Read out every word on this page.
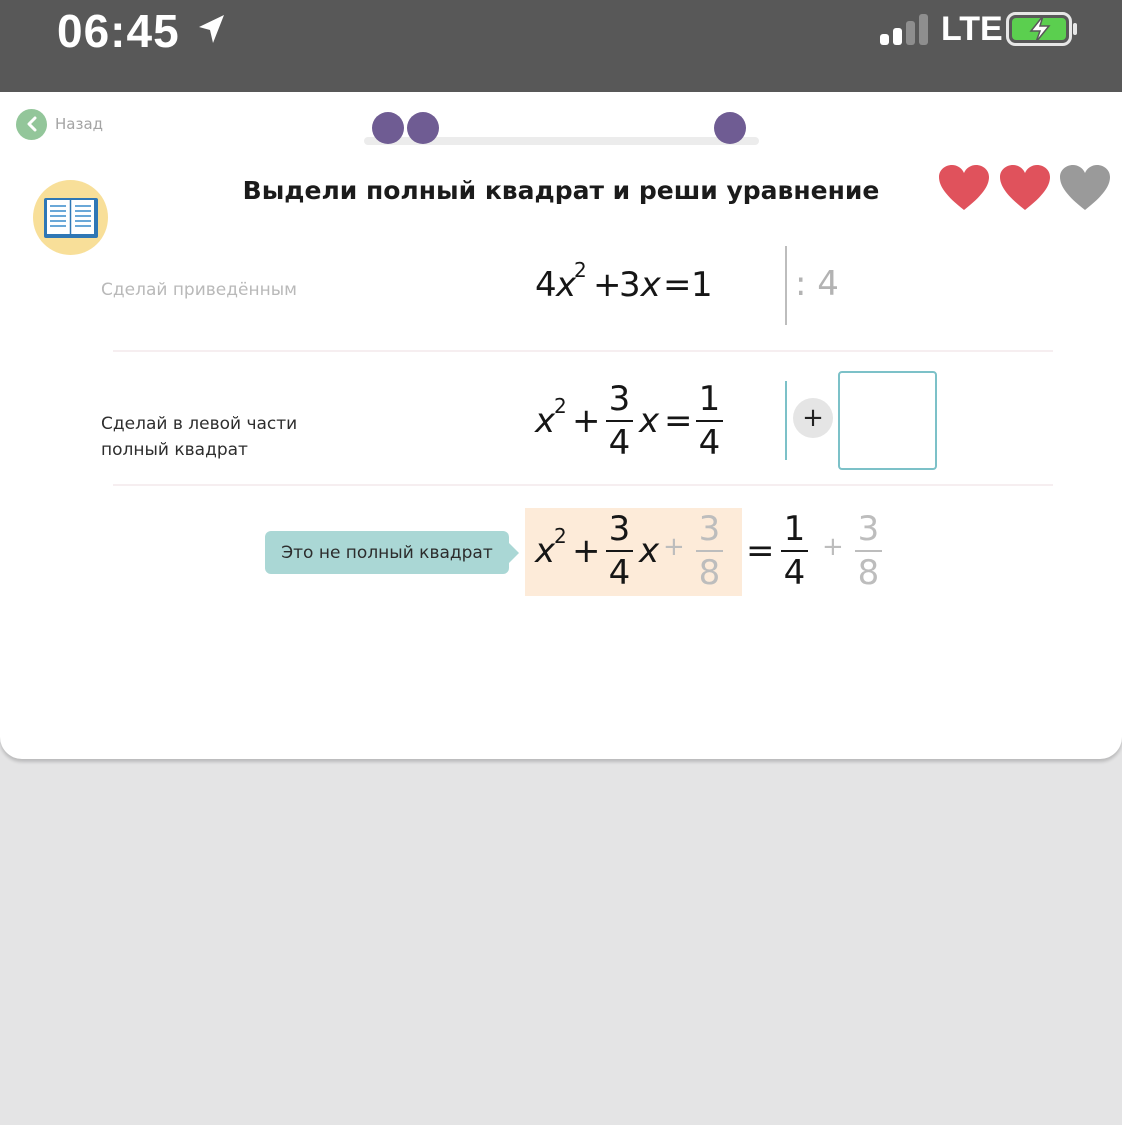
06:45	LTE
Назад
Выдели полный квадрат и реши уравнение
Сделай приведённым	4 x
2 +
3x = 1 : 4
Сделай в левой части
полный квадрат
x
2 +
3
4
x =
1
4
+
Это не полный квадрат x
2 +
3
4
x + 3
8
=
1
4
+ 3
8
